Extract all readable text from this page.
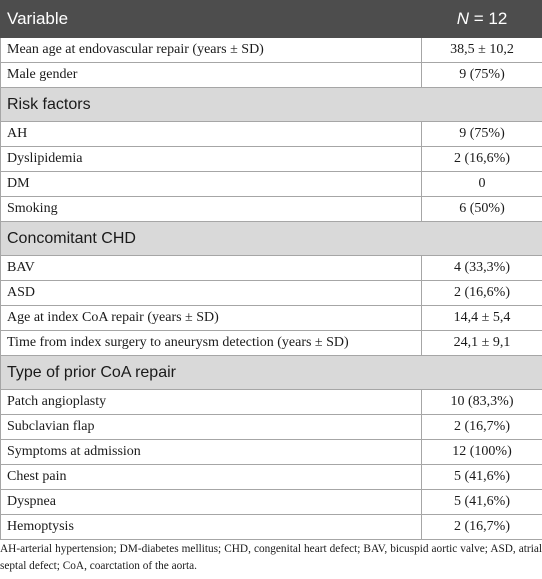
Variable	N = 12
Mean age at endovascular repair (years ± SD)	38,5 ± 10,2
Male gender	9 (75%)
Risk factors	
AH	9 (75%)
Dyslipidemia	2 (16,6%)
DM	0
Smoking	6 (50%)
Concomitant CHD	
BAV	4 (33,3%)
ASD	2 (16,6%)
Age at index CoA repair (years ± SD)	14,4 ± 5,4
Time from index surgery to aneurysm detection (years ± SD)	24,1 ± 9,1
Type of prior CoA repair	
Patch angioplasty	10 (83,3%)
Subclavian flap	2 (16,7%)
Symptoms at admission	12 (100%)
Chest pain	5 (41,6%)
Dyspnea	5 (41,6%)
Hemoptysis	2 (16,7%)

AH-arterial hypertension; DM-diabetes mellitus; CHD, congenital heart defect; BAV, bicuspid aortic valve; ASD, atrial septal defect; CoA, coarctation of the aorta.
